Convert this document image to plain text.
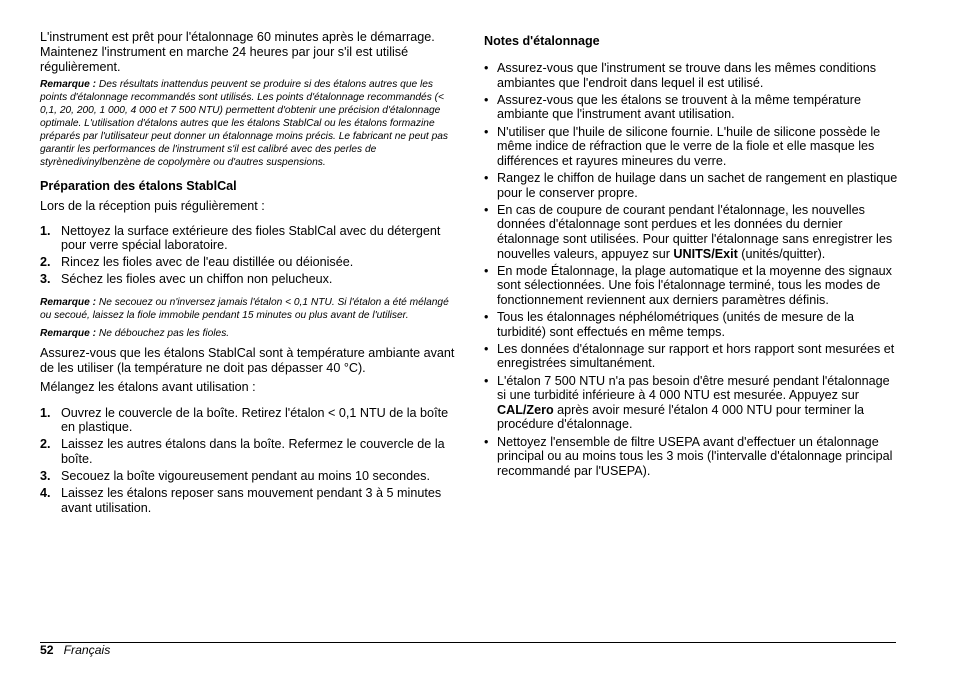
L'instrument est prêt pour l'étalonnage 60 minutes après le démarrage. Maintenez l'instrument en marche 24 heures par jour s'il est utilisé régulièrement.

Remarque : Des résultats inattendus peuvent se produire si des étalons autres que les points d'étalonnage recommandés sont utilisés. Les points d'étalonnage recommandés (< 0,1, 20, 200, 1 000, 4 000 et 7 500 NTU) permettent d'obtenir une précision d'étalonnage optimale. L'utilisation d'étalons autres que les étalons StablCal ou les étalons formazine préparés par l'utilisateur peut donner un étalonnage moins précis. Le fabricant ne peut pas garantir les performances de l'instrument s'il est calibré avec des perles de styrènedivinylbenzène de copolymère ou d'autres suspensions.

Préparation des étalons StablCal

Lors de la réception puis régulièrement :

1. Nettoyez la surface extérieure des fioles StablCal avec du détergent pour verre spécial laboratoire.
2. Rincez les fioles avec de l'eau distillée ou déionisée.
3. Séchez les fioles avec un chiffon non pelucheux.

Remarque : Ne secouez ou n'inversez jamais l'étalon < 0,1 NTU. Si l'étalon a été mélangé ou secoué, laissez la fiole immobile pendant 15 minutes ou plus avant de l'utiliser.

Remarque : Ne débouchez pas les fioles.

Assurez-vous que les étalons StablCal sont à température ambiante avant de les utiliser (la température ne doit pas dépasser 40 °C).

Mélangez les étalons avant utilisation :

1. Ouvrez le couvercle de la boîte. Retirez l'étalon < 0,1 NTU de la boîte en plastique.
2. Laissez les autres étalons dans la boîte. Refermez le couvercle de la boîte.
3. Secouez la boîte vigoureusement pendant au moins 10 secondes.
4. Laissez les étalons reposer sans mouvement pendant 3 à 5 minutes avant utilisation.

Notes d'étalonnage

• Assurez-vous que l'instrument se trouve dans les mêmes conditions ambiantes que l'endroit dans lequel il est utilisé.
• Assurez-vous que les étalons se trouvent à la même température ambiante que l'instrument avant utilisation.
• N'utiliser que l'huile de silicone fournie. L'huile de silicone possède le même indice de réfraction que le verre de la fiole et elle masque les différences et rayures mineures du verre.
• Rangez le chiffon de huilage dans un sachet de rangement en plastique pour le conserver propre.
• En cas de coupure de courant pendant l'étalonnage, les nouvelles données d'étalonnage sont perdues et les données du dernier étalonnage sont utilisées. Pour quitter l'étalonnage sans enregistrer les nouvelles valeurs, appuyez sur UNITS/Exit (unités/quitter).
• En mode Étalonnage, la plage automatique et la moyenne des signaux sont sélectionnées. Une fois l'étalonnage terminé, tous les modes de fonctionnement reviennent aux derniers paramètres définis.
• Tous les étalonnages néphélométriques (unités de mesure de la turbidité) sont effectués en même temps.
• Les données d'étalonnage sur rapport et hors rapport sont mesurées et enregistrées simultanément.
• L'étalon 7 500 NTU n'a pas besoin d'être mesuré pendant l'étalonnage si une turbidité inférieure à 4 000 NTU est mesurée. Appuyez sur CAL/Zero après avoir mesuré l'étalon 4 000 NTU pour terminer la procédure d'étalonnage.
• Nettoyez l'ensemble de filtre USEPA avant d'effectuer un étalonnage principal ou au moins tous les 3 mois (l'intervalle d'étalonnage principal recommandé par l'USEPA).
52 Français
